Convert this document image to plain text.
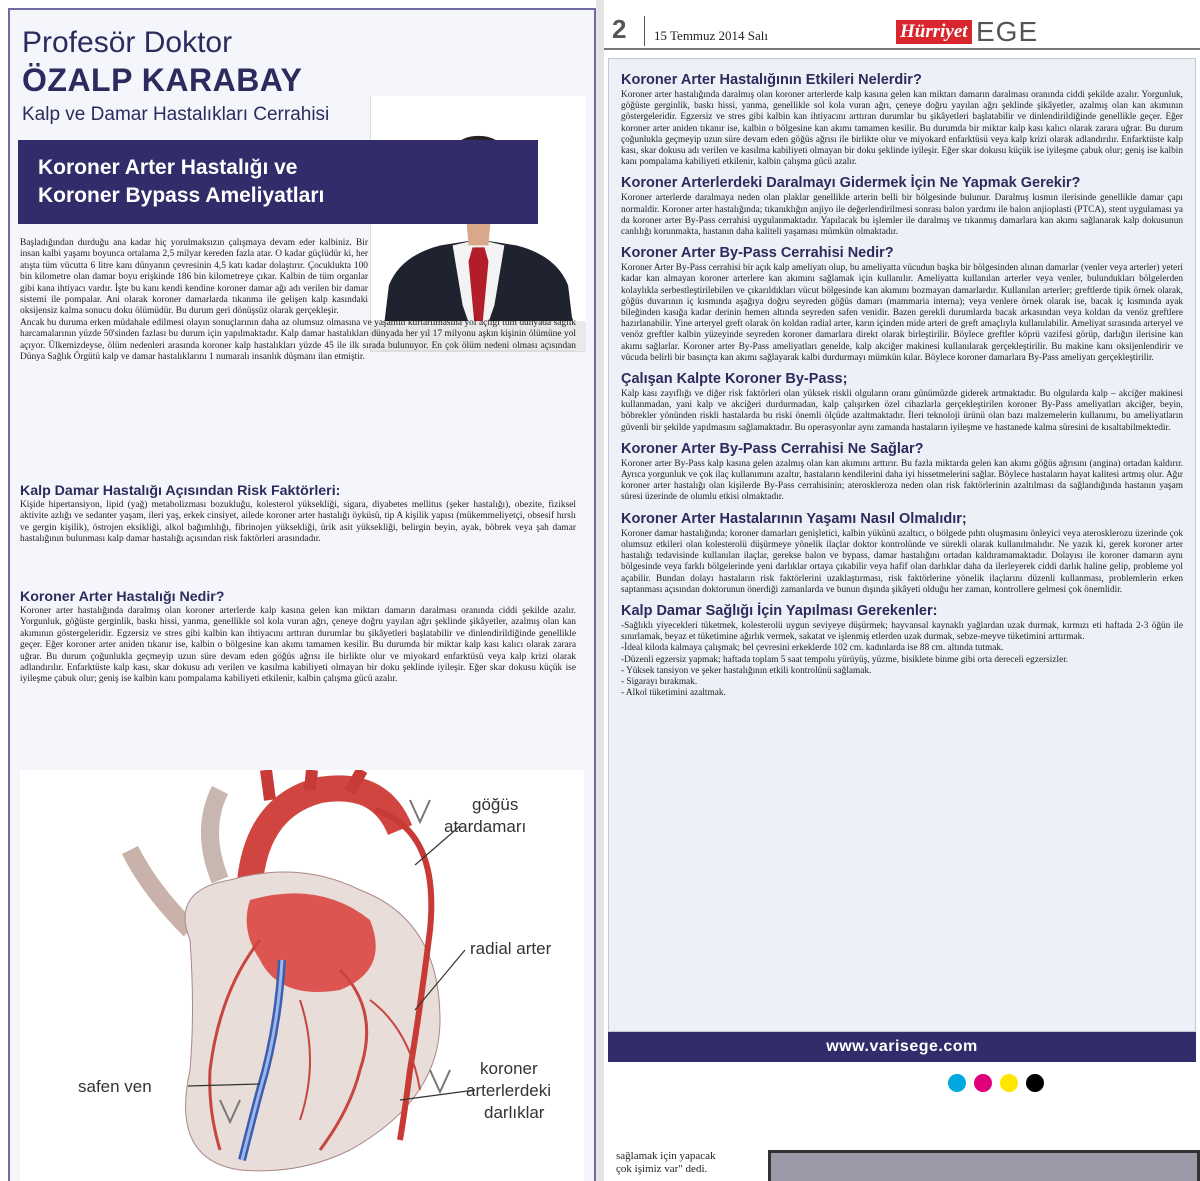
Profesör Doktor
ÖZALP KARABAY
Kalp ve Damar Hastalıkları Cerrahisi
Koroner Arter Hastalığı ve
Koroner Bypass Ameliyatları

Başladığından durduğu ana kadar hiç yorulmaksızın çalışmaya devam eder kalbiniz. Bir insan kalbi yaşamı boyunca ortalama 2,5 milyar kereden fazla atar. O kadar güçlüdür ki, her atışta tüm vücutta 6 litre kanı dünyanın çevresinin 4,5 katı kadar dolaştırır. Çocuklukta 100 bin kilometre olan damar boyu erişkinde 186 bin kilometreye çıkar. Kalbin de tüm organlar gibi kana ihtiyacı vardır. İşte bu kanı kendi kendine koroner damar ağı adı verilen bir damar sistemi ile pompalar. Ani olarak koroner damarlarda tıkanma ile gelişen kalp kasındaki oksijensiz kalma sonucu doku ölümüdür. Bu durum geri dönüşsüz olarak gerçekleşir.

Ancak bu duruma erken müdahale edilmesi olayın sonuçlarının daha az olumsuz olmasına ve yaşamın kurtarılmasına yol açtığı tüm dünyada sağlık harcamalarının yüzde 50'sinden fazlası bu durum için yapılmaktadır. Kalp damar hastalıkları dünyada her yıl 17 milyonu aşkın kişinin ölümüne yol açıyor. Ülkemizdeyse, ölüm nedenleri arasında koroner kalp hastalıkları yüzde 45 ile ilk sırada bulunuyor. En çok ölüm nedeni olması açısından Dünya Sağlık Örgütü kalp ve damar hastalıklarını 1 numaralı insanlık düşmanı ilan etmiştir.

Kalp Damar Hastalığı Açısından Risk Faktörleri:

Kişide hipertansiyon, lipid (yağ) metabolizması bozukluğu, kolesterol yüksekliği, sigara, diyabetes mellitus (şeker hastalığı), obezite, fiziksel aktivite azlığı ve sedanter yaşam, ileri yaş, erkek cinsiyet, ailede koroner arter hastalığı öyküsü, tip A kişilik yapısı (mükemmeliyetçi, obsesif hırslı ve gergin kişilik), östrojen eksikliği, alkol bağımlılığı, fibrinojen yüksekliği, ürik asit yüksekliği, belirgin beyin, ayak, böbrek veya şah damar hastalığının bulunması kalp damar hastalığı açısından risk faktörleri arasındadır.

Koroner Arter Hastalığı Nedir?

Koroner arter hastalığında daralmış olan koroner arterlerde kalp kasına gelen kan miktarı damarın daralması oranında ciddi şekilde azalır. Yorgunluk, göğüste gerginlik, baskı hissi, yanma, genellikle sol kola vuran ağrı, çeneye doğru yayılan ağrı şeklinde şikâyetler, azalmış olan kan akımının göstergeleridir. Egzersiz ve stres gibi kalbin kan ihtiyacını arttıran durumlar bu şikâyetleri başlatabilir ve dinlendirildiğinde genellikle geçer. Eğer koroner arter aniden tıkanır ise, kalbin o bölgesine kan akımı tamamen kesilir. Bu durumda bir miktar kalp kası kalıcı olarak zarara uğrar. Bu durum çoğunlukla geçmeyip uzun süre devam eden göğüs ağrısı ile birlikte olur ve miyokard enfarktüsü veya kalp krizi olarak adlandırılır. Enfarktüste kalp kası, skar dokusu adı verilen ve kasılma kabiliyeti olmayan bir doku şeklinde iyileşir. Eğer skar dokusu küçük ise iyileşme çabuk olur; geniş ise kalbin kanı pompalama kabiliyeti etkilenir, kalbin çalışma gücü azalır.

göğüs
atardamarı
radial arter
safen ven
koroner
arterlerdeki
darlıklar
2 15 Temmuz 2014 Salı	Hürriyet EGE
Koroner Arter Hastalığının Etkileri Nelerdir?

Koroner arter hastalığında daralmış olan koroner arterlerde kalp kasına gelen kan miktarı damarın daralması oranında ciddi şekilde azalır. Yorgunluk, göğüste gerginlik, baskı hissi, yanma, genellikle sol kola vuran ağrı, çeneye doğru yayılan ağrı şeklinde şikâyetler, azalmış olan kan akımının göstergeleridir. Egzersiz ve stres gibi kalbin kan ihtiyacını arttıran durumlar bu şikâyetleri başlatabilir ve dinlendirildiğinde genellikle geçer. Eğer koroner arter aniden tıkanır ise, kalbin o bölgesine kan akımı tamamen kesilir. Bu durumda bir miktar kalp kası kalıcı olarak zarara uğrar. Bu durum çoğunlukla geçmeyip uzun süre devam eden göğüs ağrısı ile birlikte olur ve miyokard enfarktüsü veya kalp krizi olarak adlandırılır. Enfarktüste kalp kası, skar dokusu adı verilen ve kasılma kabiliyeti olmayan bir doku şeklinde iyileşir. Eğer skar dokusu küçük ise iyileşme çabuk olur; geniş ise kalbin kanı pompalama kabiliyeti etkilenir, kalbin çalışma gücü azalır.

Koroner Arterlerdeki Daralmayı Gidermek İçin Ne Yapmak Gerekir?

Koroner arterlerde daralmaya neden olan plaklar genellikle arterin belli bir bölgesinde bulunur. Daralmış kısmın ilerisinde genellikle damar çapı normaldir. Koroner arter hastalığında; tıkanıklığın anjiyo ile değerlendirilmesi sonrası balon yardımı ile balon anjioplasti (PTCA), stent uygulaması ya da koroner arter By-Pass cerrahisi uygulanmaktadır. Yapılacak bu işlemler ile daralmış ve tıkanmış damarlara kan akımı sağlanarak kalp dokusunun canlılığı korunmakta, hastanın daha kaliteli yaşaması mümkün olmaktadır.

Koroner Arter By-Pass Cerrahisi Nedir?

Koroner Arter By-Pass cerrahisi bir açık kalp ameliyatı olup, bu ameliyatta vücudun başka bir bölgesinden alınan damarlar (venler veya arterler) yeteri kadar kan almayan koroner arterlere kan akımını sağlamak için kullanılır. Ameliyatta kullanılan arterler veya venler, bulundukları bölgelerden kolaylıkla serbestleştirilebilen ve çıkarıldıkları vücut bölgesinde kan akımını bozmayan damarlardır. Kullanılan arterler; greftlerde tipik örnek olarak, göğüs duvarının iç kısmında aşağıya doğru seyreden göğüs damarı (mammaria interna); veya venlere örnek olarak ise, bacak iç kısmında ayak bileğinden kasığa kadar derinin hemen altında seyreden safen venidir. Bazen gerekli durumlarda bacak arkasından veya koldan da venöz greftlere hazırlanabilir. Yine arteryel greft olarak ön koldan radial arter, karın içinden mide arteri de greft amaçlıyla kullanılabilir. Ameliyat sırasında arteryel ve venöz greftler kalbin yüzeyinde seyreden koroner damarlara direkt olarak birleştirilir. Böylece greftler köprü vazifesi görüp, darlığın ilerisine kan akımı sağlarlar. Koroner arter By-Pass ameliyatları genelde, kalp akciğer makinesi kullanılarak gerçekleştirilir. Bu makine kanı oksijenlendirir ve vücuda belirli bir basınçta kan akımı sağlayarak kalbi durdurmayı mümkün kılar. Böylece koroner damarlara By-Pass ameliyatı gerçekleştirilir.

Çalışan Kalpte Koroner By-Pass;

Kalp kası zayıflığı ve diğer risk faktörleri olan yüksek riskli olguların oranı günümüzde giderek artmaktadır. Bu olgularda kalp – akciğer makinesi kullanmadan, yani kalp ve akciğeri durdurmadan, kalp çalışırken özel cihazlarla gerçekleştirilen koroner By-Pass ameliyatları akciğer, beyin, böbrekler yönünden riskli hastalarda bu riski önemli ölçüde azaltmaktadır. İleri teknoloji ürünü olan bazı malzemelerin kullanımı, bu ameliyatların güvenli bir şekilde yapılmasını sağlamaktadır. Bu operasyonlar aynı zamanda hastaların iyileşme ve hastanede kalma süresini de kısaltabilmektedir.

Koroner Arter By-Pass Cerrahisi Ne Sağlar?

Koroner arter By-Pass kalp kasına gelen azalmış olan kan akımını arttırır. Bu fazla miktarda gelen kan akımı göğüs ağrısını (angina) ortadan kaldırır. Ayrıca yorgunluk ve çok ilaç kullanımını azaltır, hastaların kendilerini daha iyi hissetmelerini sağlar. Böylece hastaların hayat kalitesi artmış olur. Ağır koroner arter hastalığı olan kişilerde By-Pass cerrahisinin; aterosklerozа neden olan risk faktörlerinin azaltılması da sağlandığında hastanın yaşam süresi üzerinde de olumlu etkisi olmaktadır.

Koroner Arter Hastalarının Yaşamı Nasıl Olmalıdır;

Koroner damar hastalığında; koroner damarları genişletici, kalbin yükünü azaltıcı, o bölgede pıhtı oluşmasını önleyici veya aterosklerozu üzerinde çok olumsuz etkileri olan kolesterolü düşürmeye yönelik ilaçlar doktor kontrolünde ve sürekli olarak kullanılmalıdır. Ne yazık ki, gerek koroner arter hastalığı tedavisinde kullanılan ilaçlar, gerekse balon ve bypass, damar hastalığını ortadan kaldıramamaktadır. Dolayısı ile koroner damarın aynı bölgesinde veya farklı bölgelerinde yeni darlıklar ortaya çıkabilir veya hafif olan darlıklar daha da ilerleyerek ciddi darlık haline gelip, probleme yol açabilir. Bundan dolayı hastaların risk faktörlerini uzaklaştırması, risk faktörlerine yönelik ilaçlarını düzenli kullanması, problemlerin erken saptanması açısından doktorunun önerdiği zamanlarda ve bunun dışında şikâyeti olduğu her zaman, kontrollere gelmesi çok önemlidir.

Kalp Damar Sağlığı İçin Yapılması Gerekenler:

-Sağlıklı yiyecekleri tüketmek, kolesterolü uygun seviyeye düşürmek; hayvansal kaynaklı yağlardan uzak durmak, kırmızı eti haftada 2-3 öğün ile sınırlamak, beyaz et tüketimine ağırlık vermek, sakatat ve işlenmiş etlerden uzak durmak, sebze-meyve tüketimini arttırmak.

-İdeal kiloda kalmaya çalışmak; bel çevresini erkeklerde 102 cm. kadınlarda ise 88 cm. altında tutmak.

-Düzenli egzersiz yapmak; haftada toplam 5 saat tempolu yürüyüş, yüzme, bisiklete binme gibi orta dereceli egzersizler.

- Yüksek tansiyon ve şeker hastalığının etkili kontrolünü sağlamak.

- Sigarayı bırakmak.

- Alkol tüketimini azaltmak.

www.varisege.com
sağlamak için yapacak
çok işimiz var" dedi.
